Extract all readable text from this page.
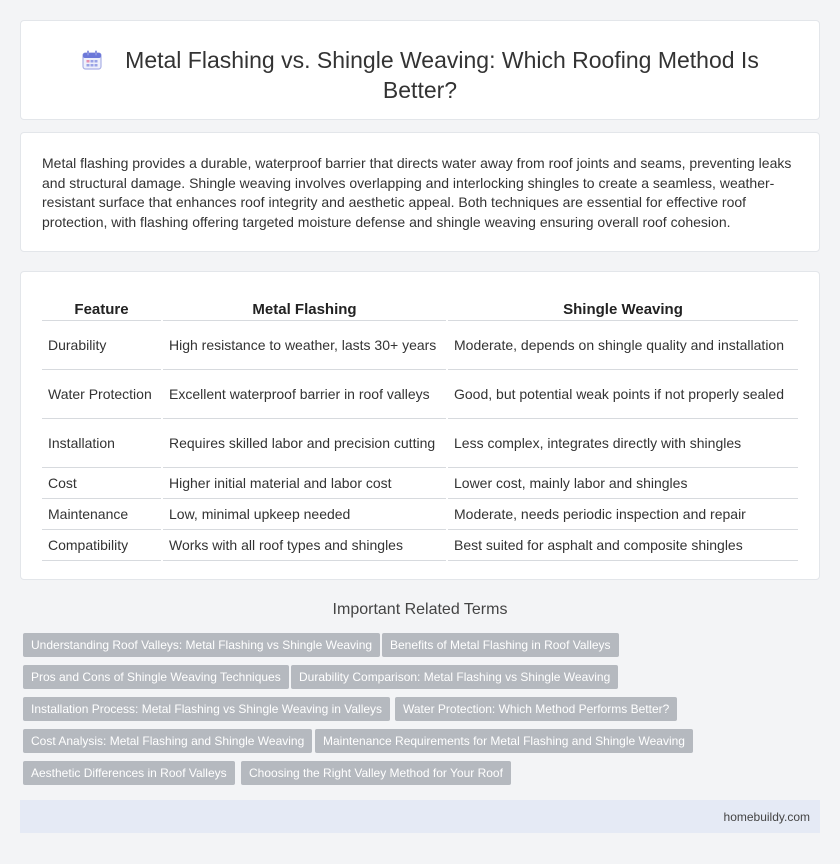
Metal Flashing vs. Shingle Weaving: Which Roofing Method Is Better?

Metal flashing provides a durable, waterproof barrier that directs water away from roof joints and seams, preventing leaks and structural damage. Shingle weaving involves overlapping and interlocking shingles to create a seamless, weather-resistant surface that enhances roof integrity and aesthetic appeal. Both techniques are essential for effective roof protection, with flashing offering targeted moisture defense and shingle weaving ensuring overall roof cohesion.

Feature	Metal Flashing	Shingle Weaving
Durability	High resistance to weather, lasts 30+ years	Moderate, depends on shingle quality and installation
Water Protection	Excellent waterproof barrier in roof valleys	Good, but potential weak points if not properly sealed
Installation	Requires skilled labor and precision cutting	Less complex, integrates directly with shingles
Cost	Higher initial material and labor cost	Lower cost, mainly labor and shingles
Maintenance	Low, minimal upkeep needed	Moderate, needs periodic inspection and repair
Compatibility	Works with all roof types and shingles	Best suited for asphalt and composite shingles
Important Related Terms
Understanding Roof Valleys: Metal Flashing vs Shingle Weaving	Benefits of Metal Flashing in Roof Valleys
Pros and Cons of Shingle Weaving Techniques	Durability Comparison: Metal Flashing vs Shingle Weaving
Installation Process: Metal Flashing vs Shingle Weaving in Valleys	Water Protection: Which Method Performs Better?
Cost Analysis: Metal Flashing and Shingle Weaving	Maintenance Requirements for Metal Flashing and Shingle Weaving
Aesthetic Differences in Roof Valleys	Choosing the Right Valley Method for Your Roof
homebuildy.com
